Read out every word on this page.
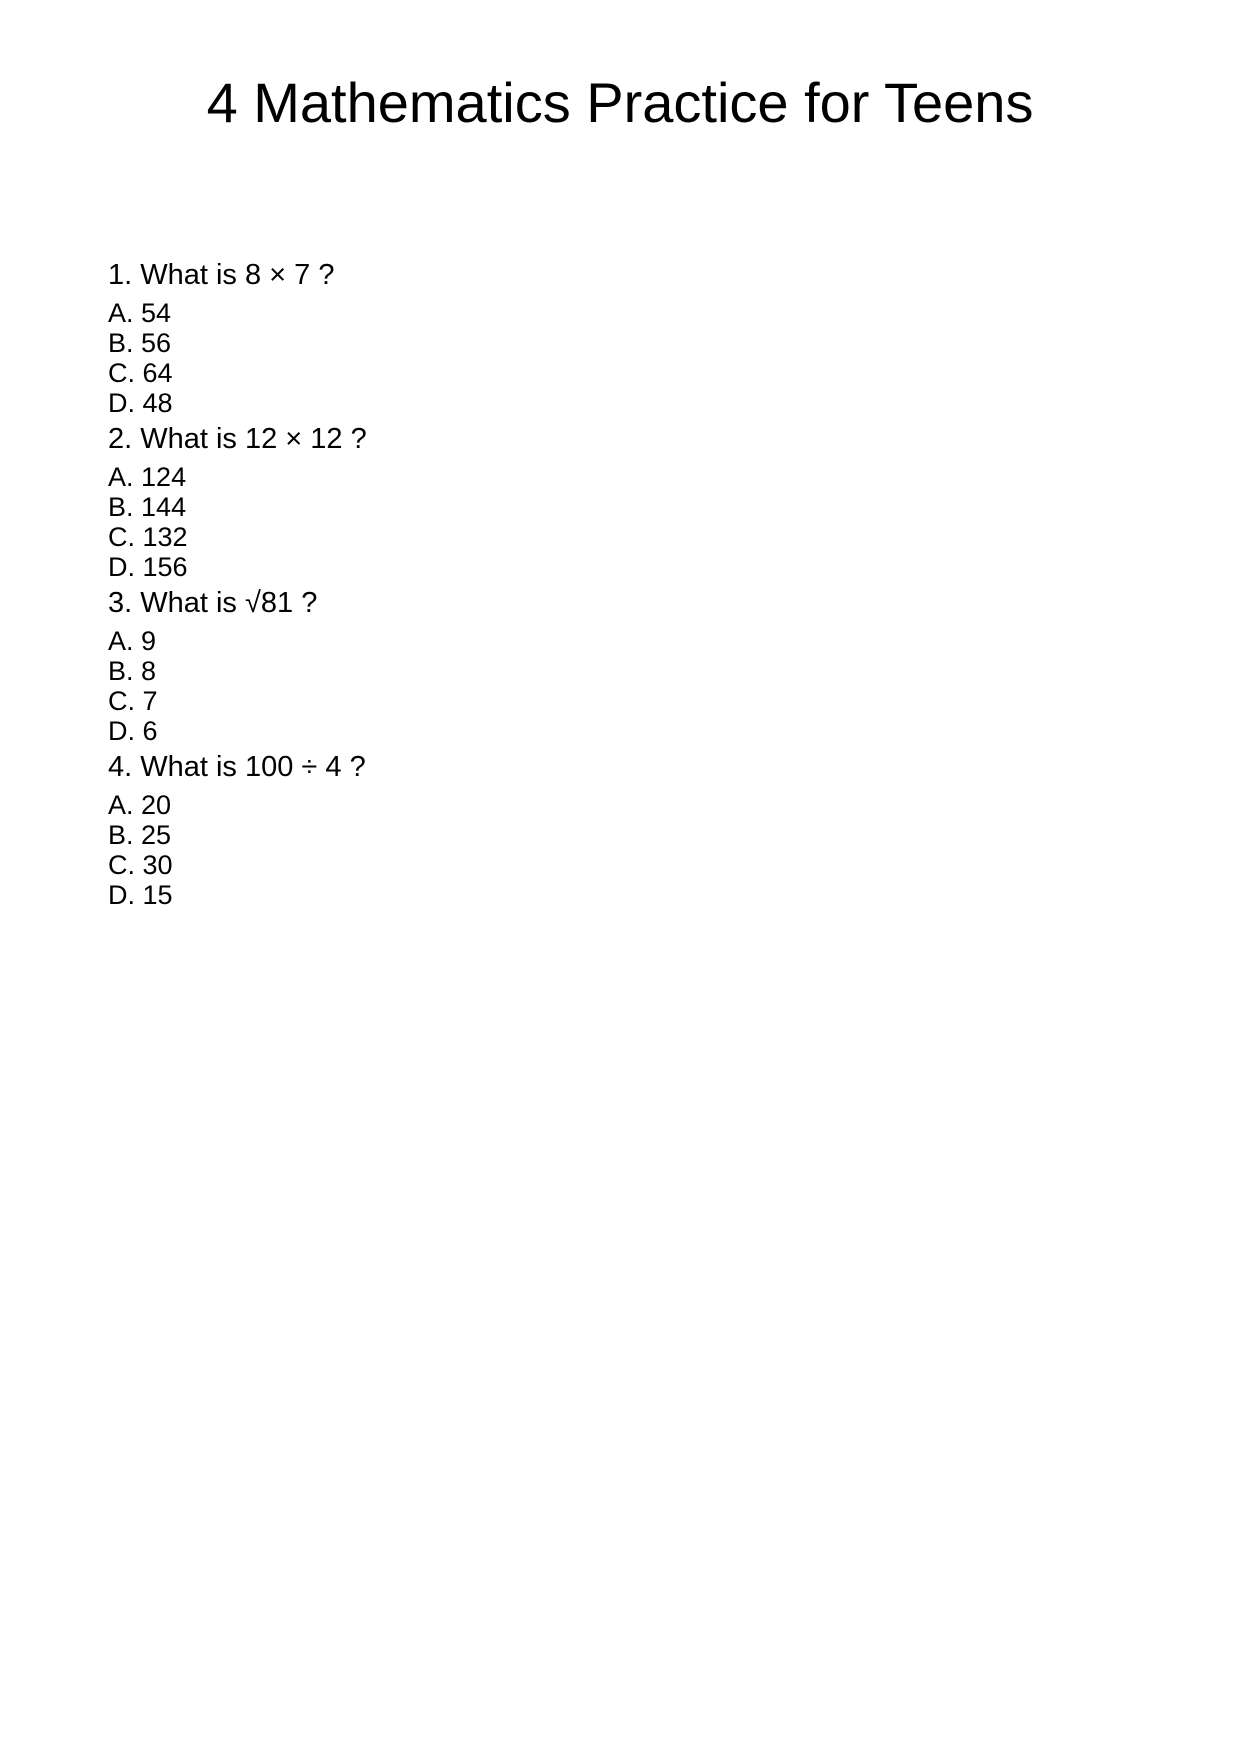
4 Mathematics Practice for Teens

1. What is 8 × 7 ?

A. 54

B. 56

C. 64

D. 48

2. What is 12 × 12 ?

A. 124

B. 144

C. 132

D. 156

3. What is √81 ?

A. 9

B. 8

C. 7

D. 6

4. What is 100 ÷ 4 ?

A. 20

B. 25

C. 30

D. 15
